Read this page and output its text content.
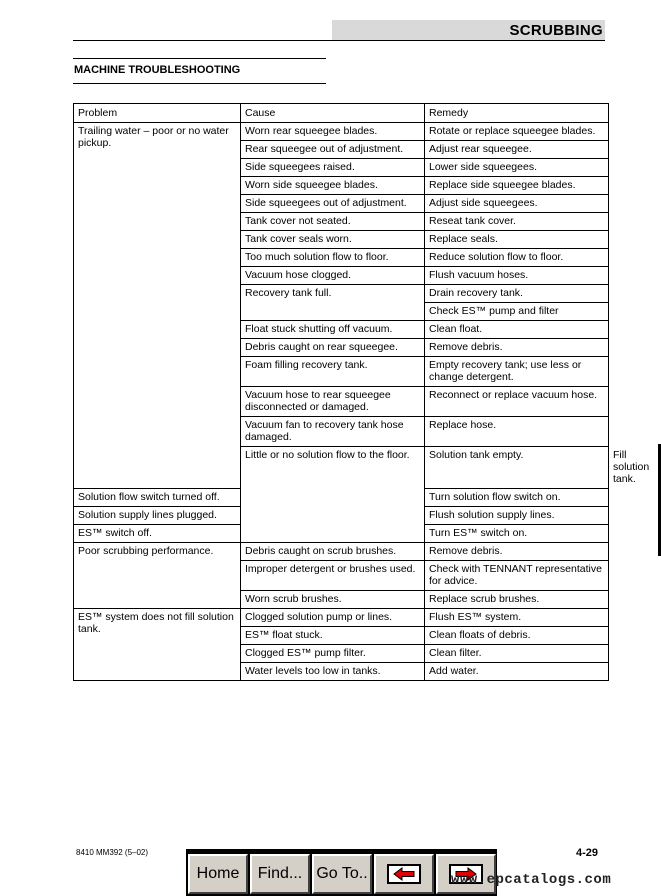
SCRUBBING
MACHINE TROUBLESHOOTING
Problem	Cause	Remedy	
Trailing water – poor or no water pickup.	Worn rear squeegee blades.	Rotate or replace squeegee blades.	
	Rear squeegee out of adjustment.	Adjust rear squeegee.	
	Side squeegees raised.	Lower side squeegees.	
	Worn side squeegee blades.	Replace side squeegee blades.	
	Side squeegees out of adjustment.	Adjust side squeegees.	
	Tank cover not seated.	Reseat tank cover.	
	Tank cover seals worn.	Replace seals.	
	Too much solution flow to floor.	Reduce solution flow to floor.	
	Vacuum hose clogged.	Flush vacuum hoses.	
	Recovery tank full.	Drain recovery tank.	
		Check ES™ pump and filter	
	Float stuck shutting off vacuum.	Clean float.	
	Debris caught on rear squeegee.	Remove debris.	
	Foam filling recovery tank.	Empty recovery tank; use less or change detergent.	
	Vacuum hose to rear squeegee disconnected or damaged.	Reconnect or replace vacuum hose.	
	Vacuum fan to recovery tank hose damaged.	Replace hose.	
	Little or no solution flow to the floor.	Solution tank empty.	Fill solution tank.
Solution flow switch turned off.		Turn solution flow switch on.	
Solution supply lines plugged.		Flush solution supply lines.	
ES™ switch off.		Turn ES™ switch on.	
Poor scrubbing performance.	Debris caught on scrub brushes.	Remove debris.	
	Improper detergent or brushes used.	Check with TENNANT representative for advice.	
	Worn scrub brushes.	Replace scrub brushes.	
ES™ system does not fill solution tank.	Clogged solution pump or lines.	Flush ES™ system.	
	ES™ float stuck.	Clean floats of debris.	
	Clogged ES™ pump filter.	Clean filter.	
	Water levels too low in tanks.	Add water.	
8410 MM392 (5–02)	4-29
Home	Find... Go To..	www.epcatalogs.com
